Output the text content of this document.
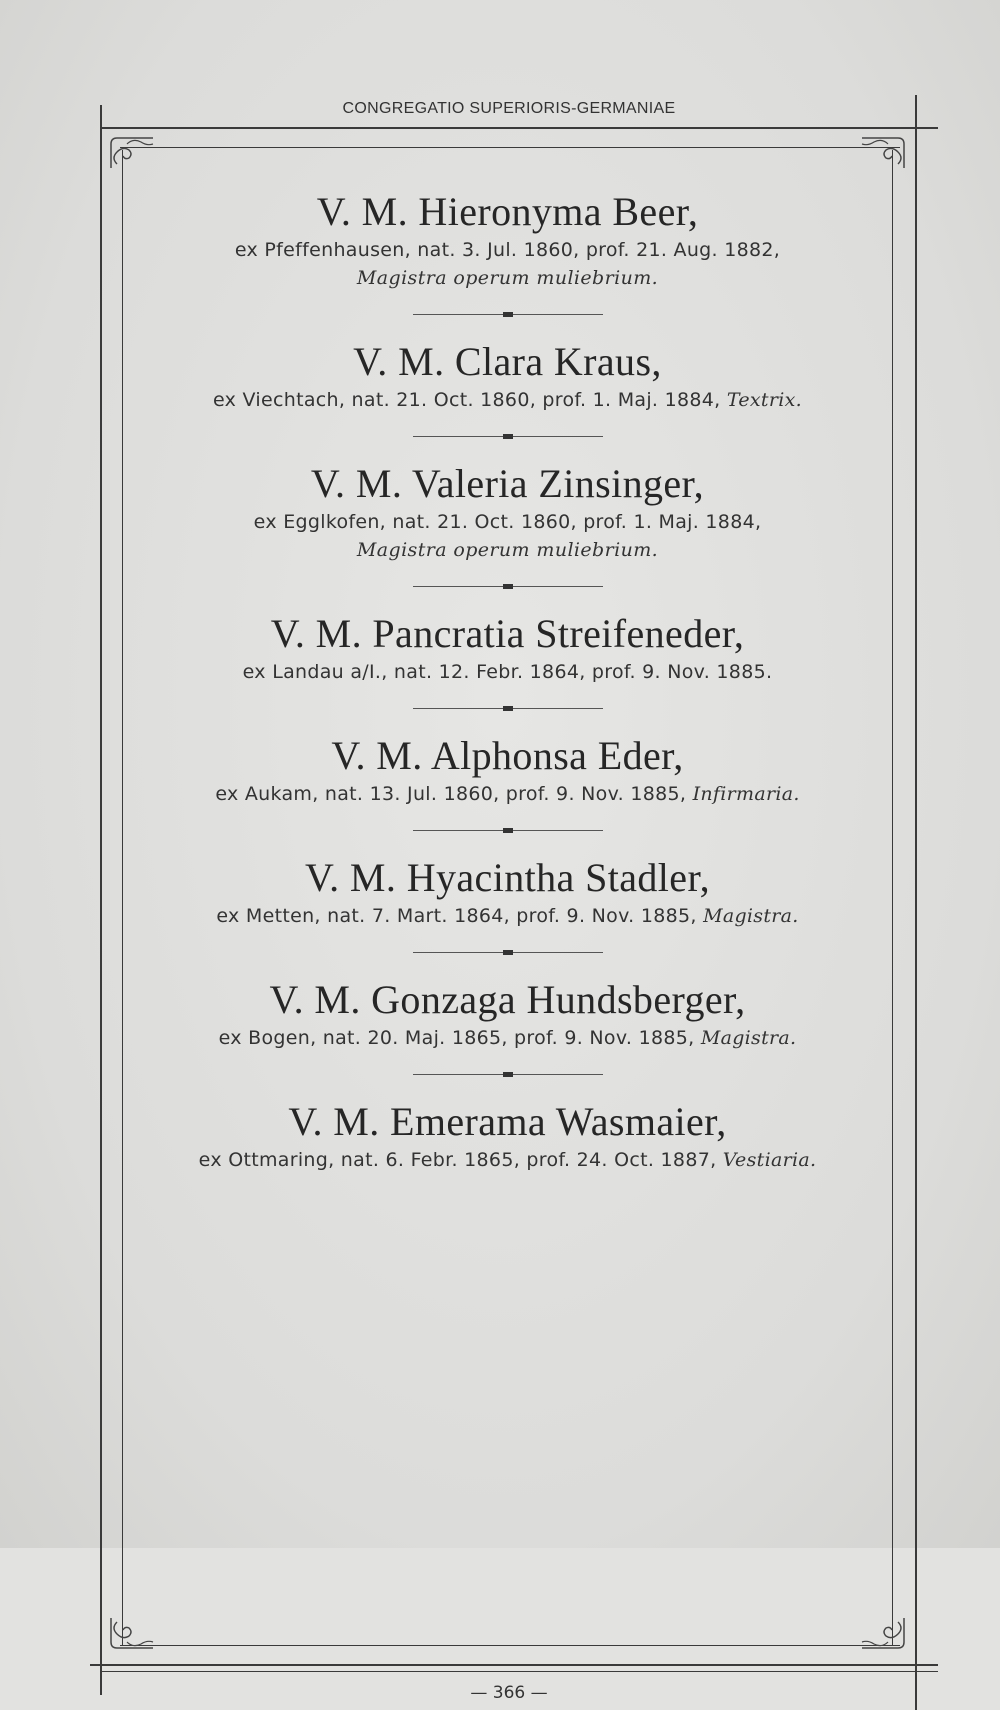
CONGREGATIO SUPERIORIS-GERMANIAE
V. M. Hieronyma Beer,
ex Pfeffenhausen, nat. 3. Jul. 1860, prof. 21. Aug. 1882,
Magistra operum muliebrium.
V. M. Clara Kraus,
ex Viechtach, nat. 21. Oct. 1860, prof. 1. Maj. 1884, Textrix.
V. M. Valeria Zinsinger,
ex Egglkofen, nat. 21. Oct. 1860, prof. 1. Maj. 1884,
Magistra operum muliebrium.
V. M. Pancratia Streifeneder,
ex Landau a/I., nat. 12. Febr. 1864, prof. 9. Nov. 1885.
V. M. Alphonsa Eder,
ex Aukam, nat. 13. Jul. 1860, prof. 9. Nov. 1885, Infirmaria.
V. M. Hyacintha Stadler,
ex Metten, nat. 7. Mart. 1864, prof. 9. Nov. 1885, Magistra.
V. M. Gonzaga Hundsberger,
ex Bogen, nat. 20. Maj. 1865, prof. 9. Nov. 1885, Magistra.
V. M. Emerama Wasmaier,
ex Ottmaring, nat. 6. Febr. 1865, prof. 24. Oct. 1887, Vestiaria.
— 366 —
